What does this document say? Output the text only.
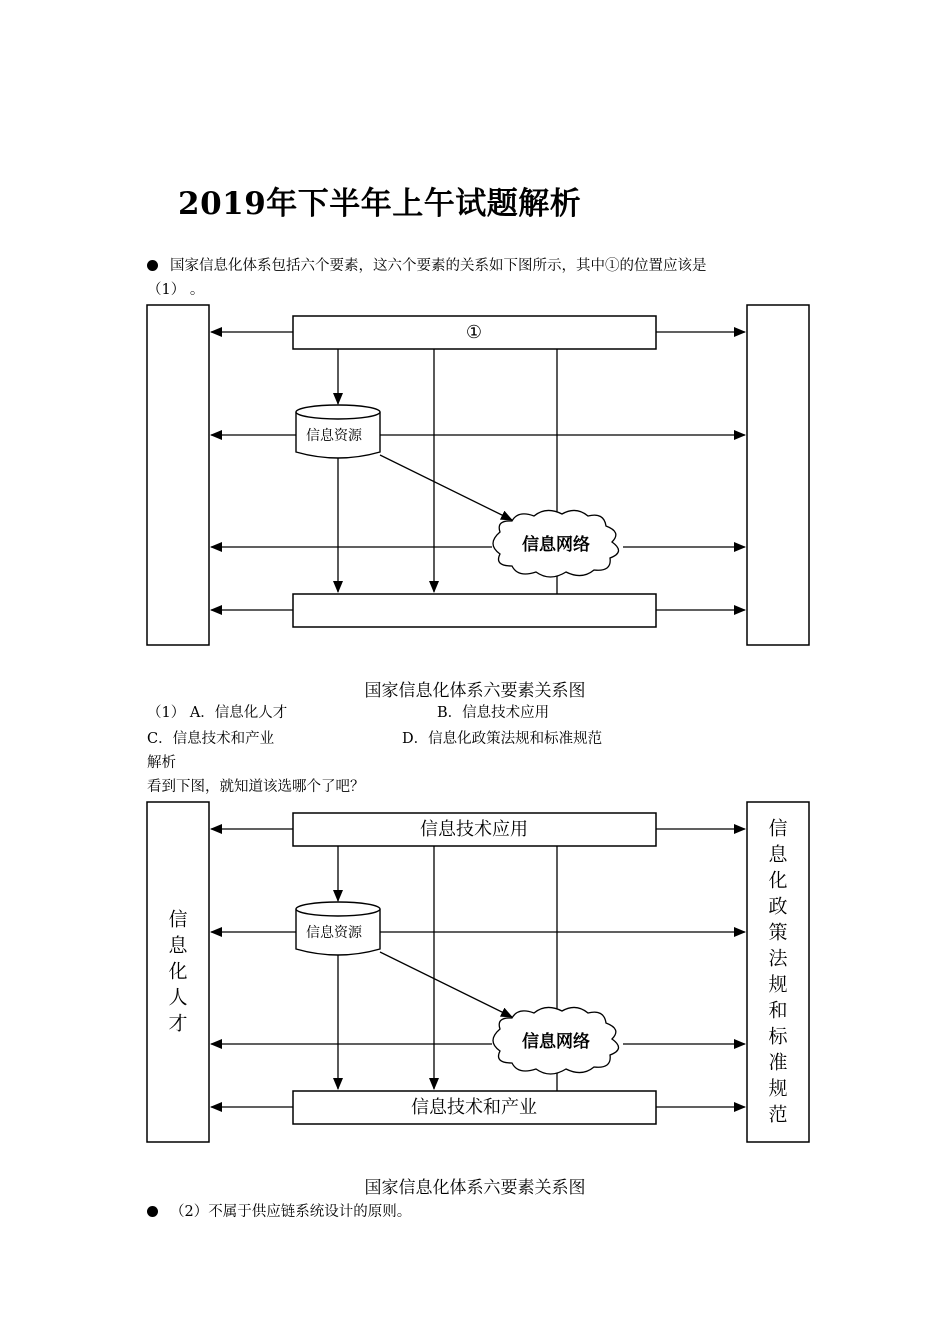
2019年下半年上午试题解析
国家信息化体系包括六个要素，这六个要素的关系如下图所示，其中①的位置应该是
（1） 。
①
信息资源
信息网络
国家信息化体系六要素关系图
（1） A．信息化人才	B．信息技术应用
C．信息技术和产业	D．信息化政策法规和标准规范
解析
看到下图，就知道该选哪个了吧？
信息技术应用
信息资源
信息网络
信息技术和产业
信
息
化
人
才
信
息
化
政
策
法
规
和
标
准
规
范
国家信息化体系六要素关系图
（2）不属于供应链系统设计的原则。
